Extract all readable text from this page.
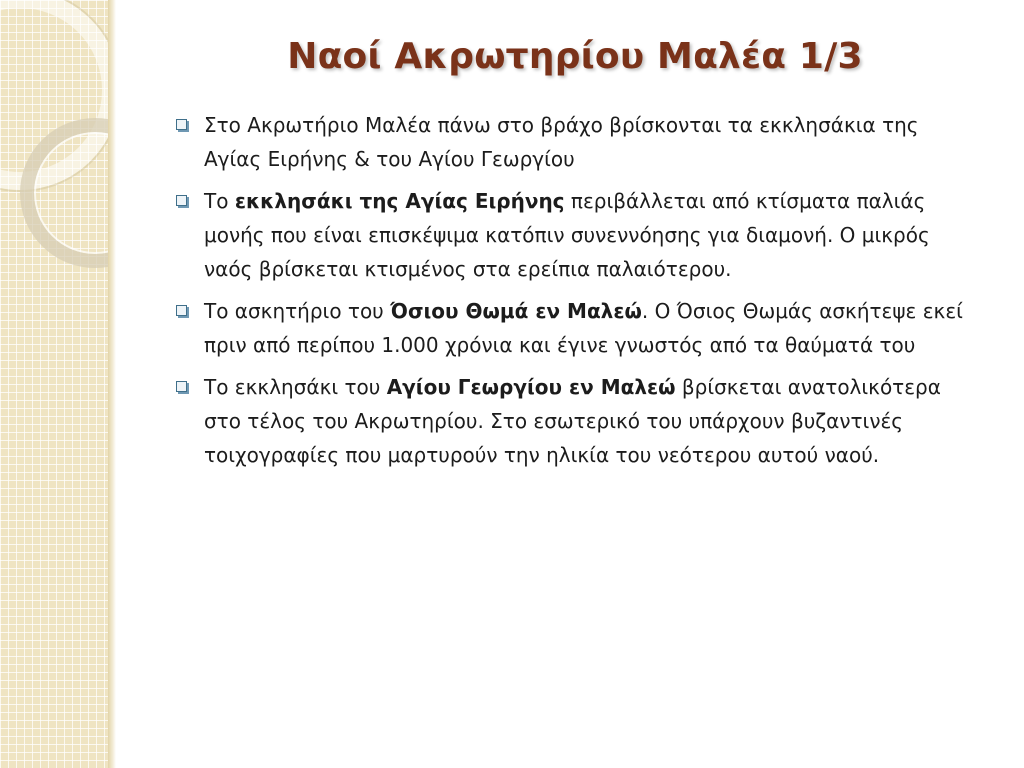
Ναοί Ακρωτηρίου Μαλέα 1/3
Στο Ακρωτήριο Μαλέα πάνω στο βράχο βρίσκονται τα εκκλησάκια της Αγίας Ειρήνης & του Αγίου Γεωργίου
Το εκκλησάκι της Αγίας Ειρήνης περιβάλλεται από κτίσματα παλιάς μονής που είναι επισκέψιμα κατόπιν συνεννόησης για διαμονή. Ο μικρός ναός βρίσκεται κτισμένος στα ερείπια παλαιότερου.
Το ασκητήριο του Όσιου Θωμά εν Μαλεώ. Ο Όσιος Θωμάς ασκήτεψε εκεί πριν από περίπου 1.000 χρόνια και έγινε γνωστός από τα θαύματά του
Το εκκλησάκι του Αγίου Γεωργίου εν Μαλεώ βρίσκεται ανατολικότερα στο τέλος του Ακρωτηρίου. Στο εσωτερικό του υπάρχουν βυζαντινές τοιχογραφίες που μαρτυρούν την ηλικία του νεότερου αυτού ναού.
